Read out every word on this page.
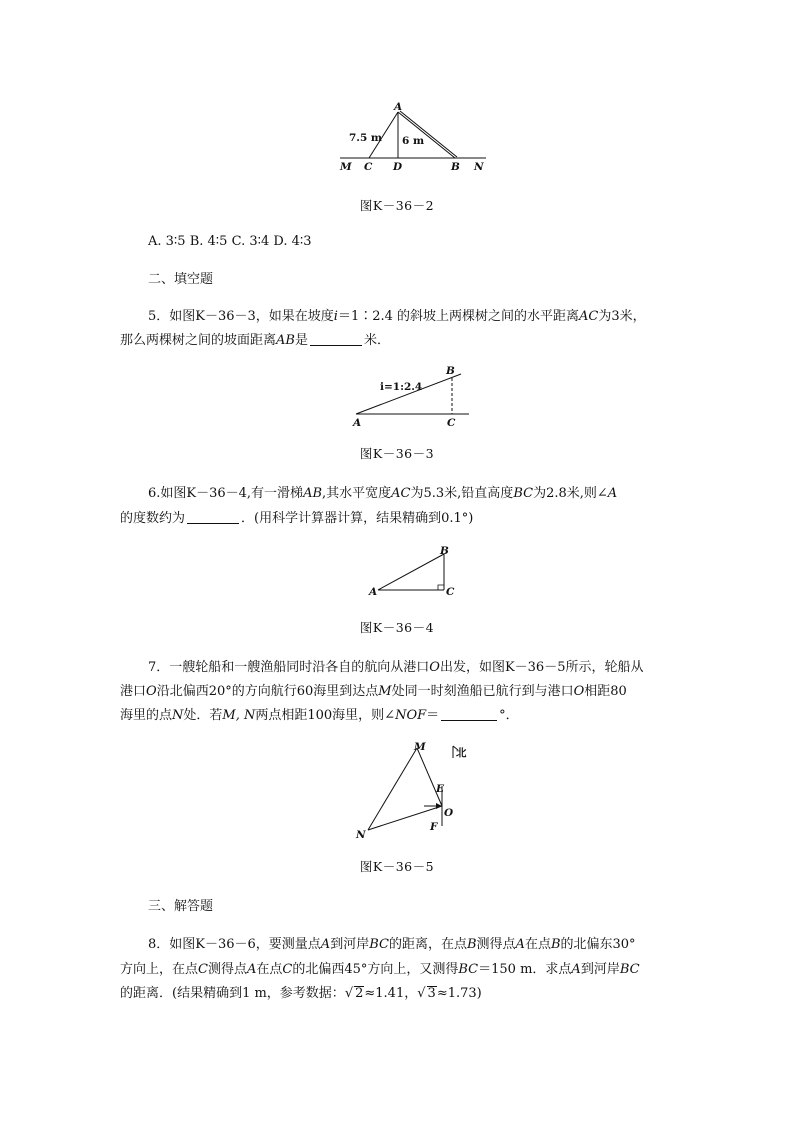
A
7.5 m 6 m
M C D	B N
图K－36－2
A. 3∶5 B. 4∶5 C. 3∶4 D. 4∶3
二、填空题
5．如图K－36－3，如果在坡度i＝1∶2.4 的斜坡上两棵树之间的水平距离AC为3米，
那么两棵树之间的坡面距离AB是	米．
i=1:2.4
B
A	C
图K－36－3
6.如图K－36－4,有一滑梯AB,其水平宽度AC为5.3米,铅直高度BC为2.8米,则∠A
的度数约为	．(用科学计算器计算，结果精确到0.1°)
B
A	C
图K－36－4
7．一艘轮船和一艘渔船同时沿各自的航向从港口O出发，如图K－36－5所示，轮船从
港口O沿北偏西20°的方向航行60海里到达点M处同一时刻渔船已航行到与港口O相距80
海里的点N处．若M, N两点相距100海里，则∠NOF＝	°．
北
M
E
O
F
N
图K－36－5
三、解答题
8．如图K－36－6，要测量点A到河岸BC的距离，在点B测得点A在点B的北偏东30°
方向上，在点C测得点A在点C的北偏西45°方向上，又测得BC＝150 m．求点A到河岸BC
的距离．(结果精确到1 m，参考数据：√ 2≈1.41，√ 3≈1.73)
